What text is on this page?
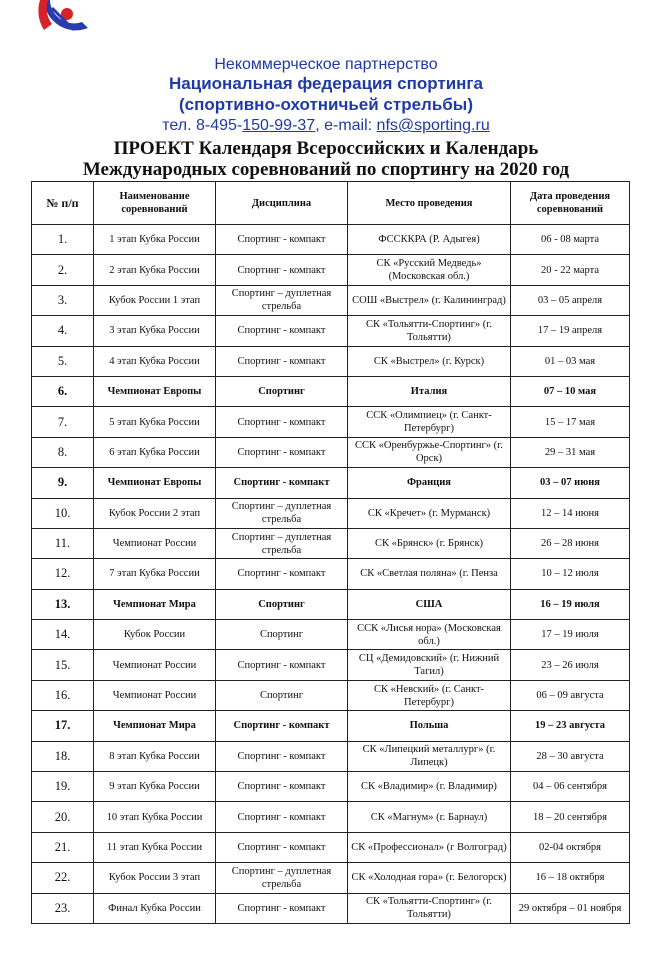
Некоммерческое партнерство
Национальная федерация спортинга
(спортивно-охотничьей стрельбы)
тел. 8-495-150-99-37, e-mail: nfs@sporting.ru
ПРОЕКТ Календаря Всероссийских и Календарь
Международных соревнований по спортингу на 2020 год
№ п/п	Наименование соревнований	Дисциплина	Место проведения	Дата проведения соревнований
1.	1 этап Кубка России	Спортинг - компакт	ФССККРА (Р. Адыгея)	06 - 08 марта
2.	2 этап Кубка России	Спортинг - компакт	СК «Русский Медведь» (Московская обл.)	20 - 22 марта
3.	Кубок России 1 этап	Спортинг – дуплетная стрельба	СОШ «Выстрел» (г. Калининград)	03 – 05 апреля
4.	3 этап Кубка России	Спортинг - компакт	СК «Тольятти-Спортинг» (г. Тольятти)	17 – 19 апреля
5.	4 этап Кубка России	Спортинг - компакт	СК «Выстрел» (г. Курск)	01 – 03 мая
6.	Чемпионат Европы	Спортинг	Италия	07 – 10 мая
7.	5 этап Кубка России	Спортинг - компакт	ССК «Олимпиец» (г. Санкт-Петербург)	15 – 17 мая
8.	6 этап Кубка России	Спортинг - компакт	ССК «Оренбуржье-Спортинг» (г. Орск)	29 – 31 мая
9.	Чемпионат Европы	Спортинг - компакт	Франция	03 – 07 июня
10.	Кубок России 2 этап	Спортинг – дуплетная стрельба	СК «Кречет» (г. Мурманск)	12 – 14 июня
11.	Чемпионат России	Спортинг – дуплетная стрельба	СК «Брянск» (г. Брянск)	26 – 28 июня
12.	7 этап Кубка России	Спортинг - компакт	СК «Светлая поляна» (г. Пенза	10 – 12 июля
13.	Чемпионат Мира	Спортинг	США	16 – 19 июля
14.	Кубок России	Спортинг	ССК «Лисья нора» (Московская обл.)	17 – 19 июля
15.	Чемпионат России	Спортинг - компакт	СЦ «Демидовский» (г. Нижний Тагил)	23 – 26 июля
16.	Чемпионат России	Спортинг	СК «Невский» (г. Санкт-Петербург)	06 – 09 августа
17.	Чемпионат Мира	Спортинг - компакт	Польша	19 – 23 августа
18.	8 этап Кубка России	Спортинг - компакт	СК «Липецкий металлург» (г. Липецк)	28 – 30 августа
19.	9 этап Кубка России	Спортинг - компакт	СК «Владимир» (г. Владимир)	04 – 06 сентября
20.	10 этап Кубка России	Спортинг - компакт	СК «Магнум» (г. Барнаул)	18 – 20 сентября
21.	11 этап Кубка России	Спортинг - компакт	СК «Профессионал» (г Волгоград)	02-04 октября
22.	Кубок России 3 этап	Спортинг – дуплетная стрельба	СК «Холодная гора» (г. Белогорск)	16 – 18 октября
23.	Финал Кубка России	Спортинг - компакт	СК «Тольятти-Спортинг» (г. Тольятти)	29 октября – 01 ноября
